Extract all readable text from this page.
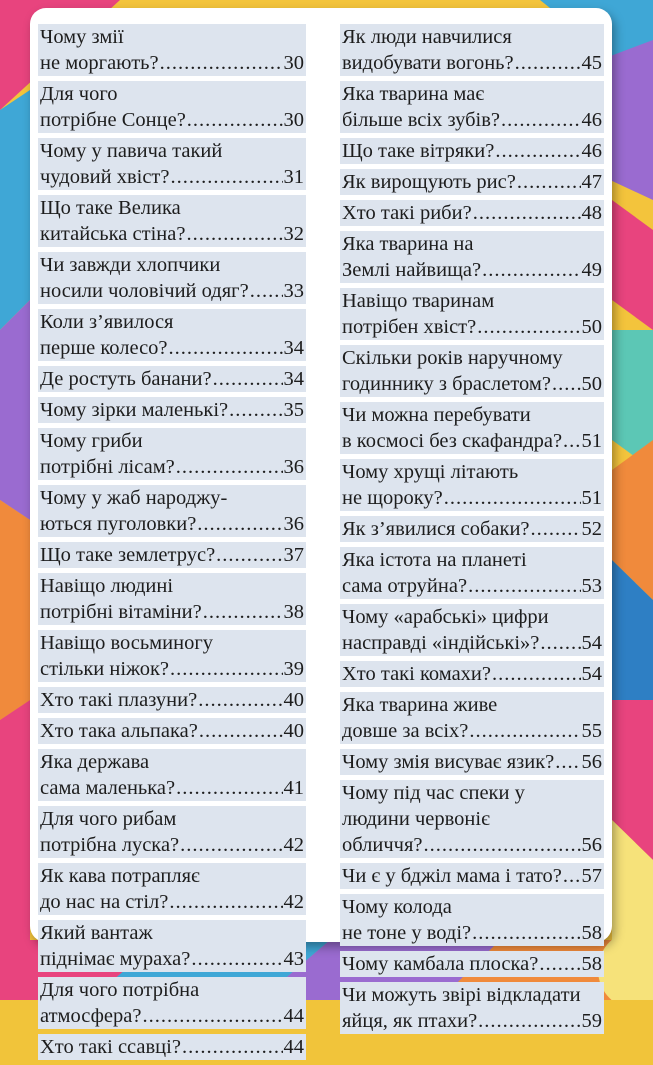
Чому змії
не моргають? .....	30
Для чого
потрібне Сонце? .....	30
Чому у павича такий
чудовий хвіст? .....	31
Що таке Велика
китайська стіна? .....	32
Чи завжди хлопчики
носили чоловічий одяг? ..... 33
Коли з’явилося
перше колесо? .....	34
Де ростуть банани? .....	34
Чому зірки маленькі? .....	35
Чому гриби
потрібні лісам? .....	36
Чому у жаб народжу-
ються пуголовки? .....	36
Що таке землетрус? .....	37
Навіщо людині
потрібні вітаміни? .....	38
Навіщо восьминогу
стільки ніжок? .....	39
Хто такі плазуни? .....	40
Хто така альпака? .....	40
Яка держава
сама маленька? .....	41
Для чого рибам
потрібна луска? .....	42
Як кава потрапляє
до нас на стіл? .....	42
Який вантаж
піднімає мураха? .....	43
Для чого потрібна
атмосфера? .....	44
Хто такі ссавці? .....	44
Як люди навчилися
видобувати вогонь? .....	45
Яка тварина має
більше всіх зубів? .....	46
Що таке вітряки? .....	46
Як вирощують рис? .....	47
Хто такі риби? .....	48
Яка тварина на
Землі найвища? .....	49
Навіщо тваринам
потрібен хвіст? .....	50
Скільки років наручному
годиннику з браслетом? ..... 50
Чи можна перебувати
в космосі без скафандра? ..... 51
Чому хрущі літають
не щороку? .....	51
Як з’явилися собаки? .....	52
Яка істота на планеті
сама отруйна? .....	53
Чому «арабські» цифри
насправді «індійські»? ..... 54
Хто такі комахи? .....	54
Яка тварина живе
довше за всіх? .....	55
Чому змія висуває язик? ..... 56
Чому під час спеки у
людини червоніє
обличчя? .....	56
Чи є у бджіл мама і тато? ..... 57
Чому колода
не тоне у воді? .....	58
Чому камбала плоска? ..... 58
Чи можуть звірі відкладати
яйця, як птахи? .....	59
